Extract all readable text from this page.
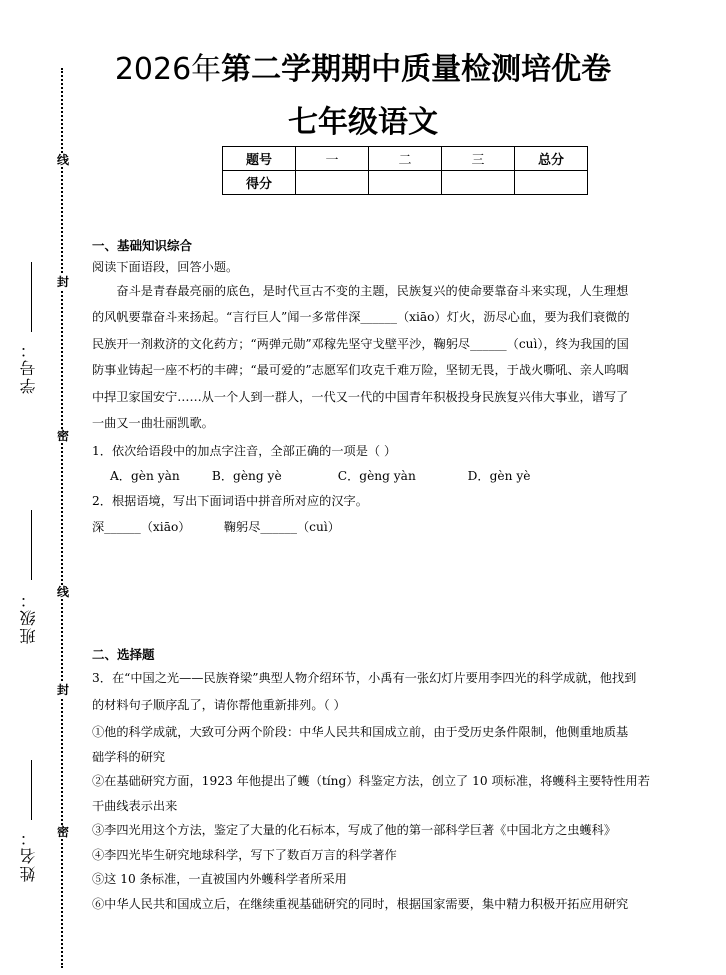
线
封
密
线
封
密
学号：
班级：
姓名：
2026年第二学期期中质量检测培优卷
七年级语文
题号	一	二	三	总分
得分				
一、基础知识综合
阅读下面语段，回答小题。
奋斗是青春最亮丽的底色，是时代亘古不变的主题，民族复兴的使命要靠奋斗来实现，人生理想
的风帆要靠奋斗来扬起。“言行巨人”闻一多常伴深______（xiāo）灯火，沥尽心血，要为我们衰微的
民族开一剂救济的文化药方；“两弹元勋”邓稼先坚守戈壁平沙，鞠躬尽______（cuì），终为我国的国
防事业铸起一座不朽的丰碑；“最可爱的”志愿军们攻克千难万险，坚韧无畏，于战火嘶吼、亲人呜咽
中捍卫家国安宁……从一个人到一群人，一代又一代的中国青年积极投身民族复兴伟大事业，谱写了
一曲又一曲壮丽凯歌。
1．依次给语段中的加点字注音，全部正确的一项是（ ）
A．gèn yàn	B．gèng yè	C．gèng yàn	D．gèn yè
2．根据语境，写出下面词语中拼音所对应的汉字。
深______（xiāo）	鞠躬尽______（cuì）
二、选择题
3．在“中国之光——民族脊梁”典型人物介绍环节，小禹有一张幻灯片要用李四光的科学成就，他找到
的材料句子顺序乱了，请你帮他重新排列。（ ）
①他的科学成就，大致可分两个阶段：中华人民共和国成立前，由于受历史条件限制，他侧重地质基
础学科的研究
②在基础研究方面，1923 年他提出了蠖（tíng）科鉴定方法，创立了 10 项标准，将蠖科主要特性用若
干曲线表示出来
③李四光用这个方法，鉴定了大量的化石标本，写成了他的第一部科学巨著《中国北方之虫蠖科》
④李四光毕生研究地球科学，写下了数百万言的科学著作
⑤这 10 条标准，一直被国内外蠖科学者所采用
⑥中华人民共和国成立后，在继续重视基础研究的同时，根据国家需要，集中精力积极开拓应用研究
